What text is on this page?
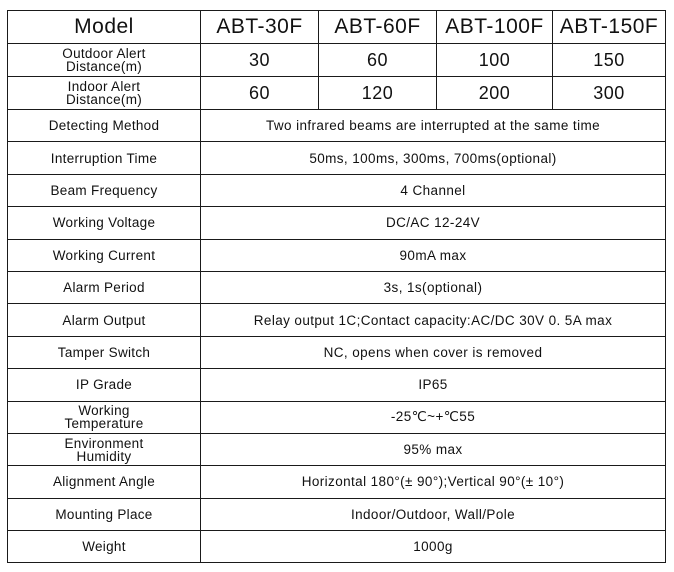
Model	ABT-30F	ABT-60F	ABT-100F	ABT-150F
Outdoor Alert
Distance(m)	30	60	100	150
Indoor Alert
Distance(m)	60	120	200	300
Detecting Method	Two infrared beams are interrupted at the same time			
Interruption Time	50ms, 100ms, 300ms, 700ms(optional)			
Beam Frequency	4 Channel			
Working Voltage	DC/AC 12-24V			
Working Current	90mA max			
Alarm Period	3s, 1s(optional)			
Alarm Output	Relay output 1C;Contact capacity:AC/DC 30V 0. 5A max			
Tamper Switch	NC, opens when cover is removed			
IP Grade	IP65			
Working
Temperature	-25℃~+℃55			
Environment
Humidity	95% max			
Alignment Angle	Horizontal 180°(± 90°);Vertical 90°(± 10°)			
Mounting Place	Indoor/Outdoor, Wall/Pole			
Weight	1000g			
